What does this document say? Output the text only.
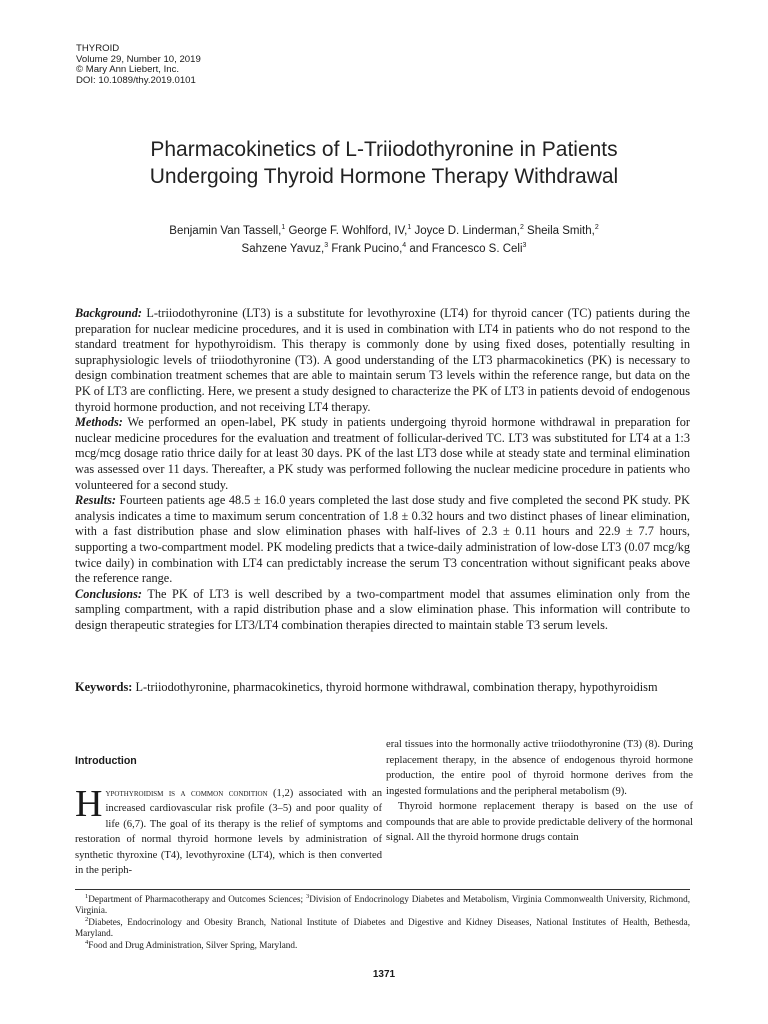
THYROID
Volume 29, Number 10, 2019
© Mary Ann Liebert, Inc.
DOI: 10.1089/thy.2019.0101
Pharmacokinetics of L-Triiodothyronine in Patients
Undergoing Thyroid Hormone Therapy Withdrawal
Benjamin Van Tassell,$^1$ George F. Wohlford, IV,$^1$ Joyce D. Linderman,$^2$ Sheila Smith,$^2$
Sahzene Yavuz,$^3$ Frank Pucino,$^4$ and Francesco S. Celi$^3$

Background: L-triiodothyronine (LT3) is a substitute for levothyroxine (LT4) for thyroid cancer (TC) patients during the preparation for nuclear medicine procedures, and it is used in combination with LT4 in patients who do not respond to the standard treatment for hypothyroidism. This therapy is commonly done by using fixed doses, potentially resulting in supraphysiologic levels of triiodothyronine (T3). A good understanding of the LT3 pharmacokinetics (PK) is necessary to design combination treatment schemes that are able to maintain serum T3 levels within the reference range, but data on the PK of LT3 are conflicting. Here, we present a study designed to characterize the PK of LT3 in patients devoid of endogenous thyroid hormone production, and not receiving LT4 therapy.

Methods: We performed an open-label, PK study in patients undergoing thyroid hormone withdrawal in preparation for nuclear medicine procedures for the evaluation and treatment of follicular-derived TC. LT3 was substituted for LT4 at a 1:3 mcg/mcg dosage ratio thrice daily for at least 30 days. PK of the last LT3 dose while at steady state and terminal elimination was assessed over 11 days. Thereafter, a PK study was performed following the nuclear medicine procedure in patients who volunteered for a second study.

Results: Fourteen patients age 48.5 ± 16.0 years completed the last dose study and five completed the second PK study. PK analysis indicates a time to maximum serum concentration of 1.8 ± 0.32 hours and two distinct phases of linear elimination, with a fast distribution phase and slow elimination phases with half-lives of 2.3 ± 0.11 hours and 22.9 ± 7.7 hours, supporting a two-compartment model. PK modeling predicts that a twice-daily administration of low-dose LT3 (0.07 mcg/kg twice daily) in combination with LT4 can predictably increase the serum T3 concentration without significant peaks above the reference range.

Conclusions: The PK of LT3 is well described by a two-compartment model that assumes elimination only from the sampling compartment, with a rapid distribution phase and a slow elimination phase. This information will contribute to design therapeutic strategies for LT3/LT4 combination therapies directed to maintain stable T3 serum levels.

Keywords: L-triiodothyronine, pharmacokinetics, thyroid hormone withdrawal, combination therapy, hypothyroidism
Introduction

Hypothyroidism is a common condition (1,2) associated with an increased cardiovascular risk profile (3–5) and poor quality of life (6,7). The goal of its therapy is the relief of symptoms and restoration of normal thyroid hormone levels by administration of synthetic thyroxine (T4), levothyroxine (LT4), which is then converted in the periph-

eral tissues into the hormonally active triiodothyronine (T3) (8). During replacement therapy, in the absence of endogenous thyroid hormone production, the entire pool of thyroid hormone derives from the ingested formulations and the peripheral metabolism (9).

Thyroid hormone replacement therapy is based on the use of compounds that are able to provide predictable delivery of the hormonal signal. All the thyroid hormone drugs contain

$^1$Department of Pharmacotherapy and Outcomes Sciences; $^3$Division of Endocrinology Diabetes and Metabolism, Virginia Commonwealth University, Richmond, Virginia.

$^2$Diabetes, Endocrinology and Obesity Branch, National Institute of Diabetes and Digestive and Kidney Diseases, National Institutes of Health, Bethesda, Maryland.

$^4$Food and Drug Administration, Silver Spring, Maryland.

1371
